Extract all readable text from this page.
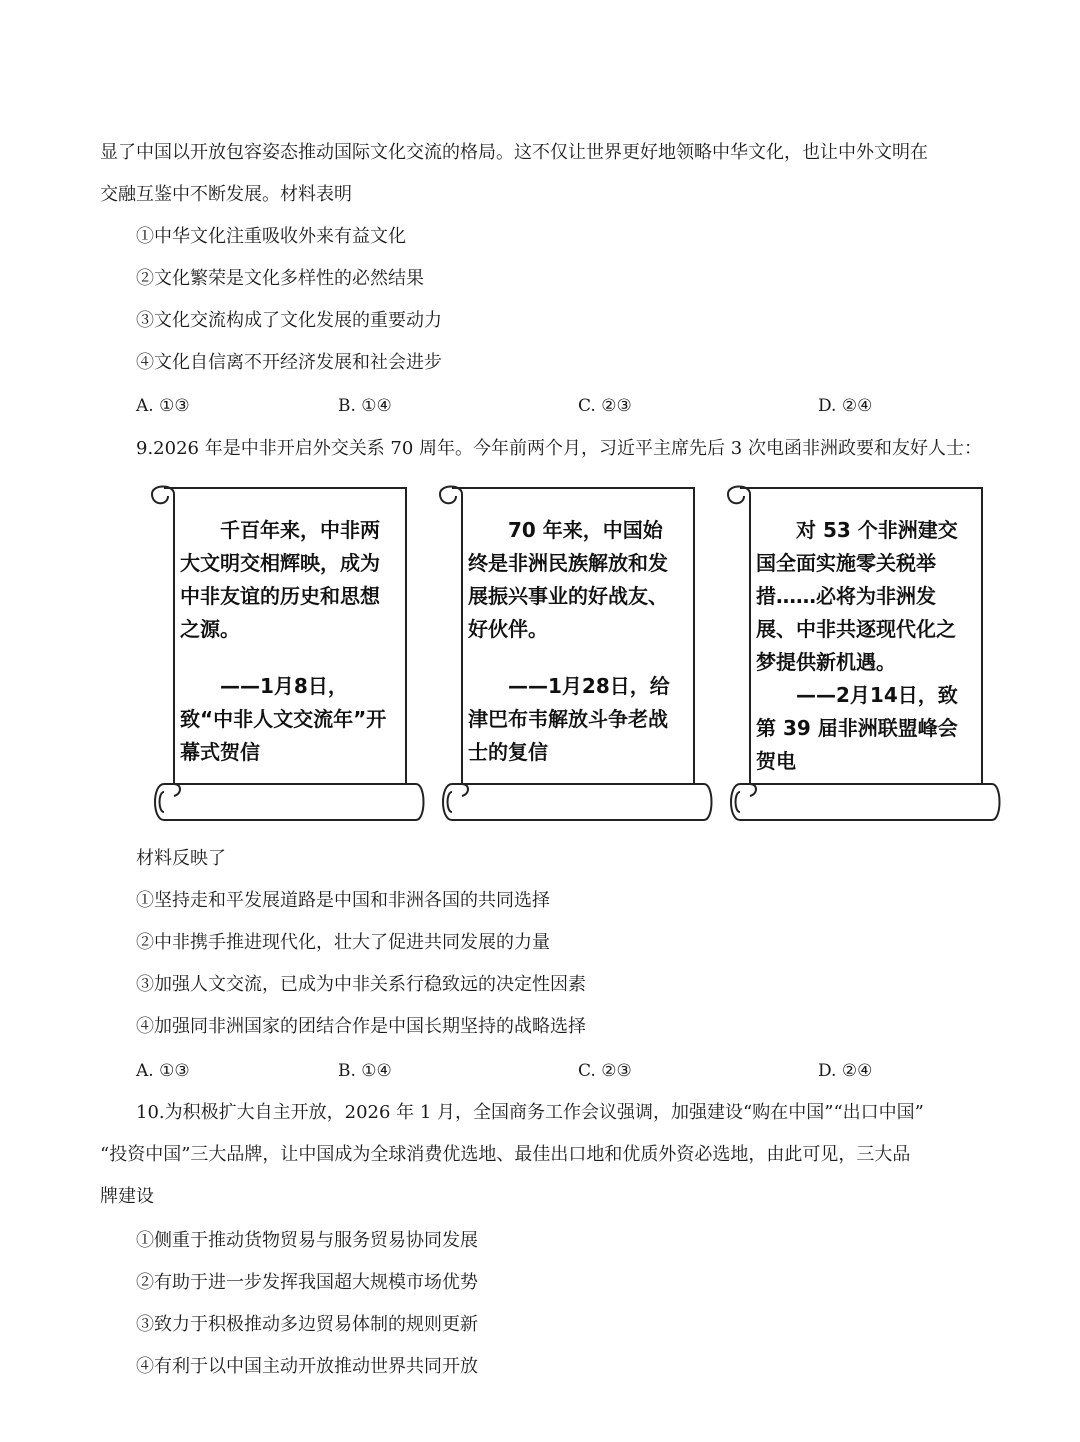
显了中国以开放包容姿态推动国际文化交流的格局。这不仅让世界更好地领略中华文化，也让中外文明在
交融互鉴中不断发展。材料表明
①中华文化注重吸收外来有益文化
②文化繁荣是文化多样性的必然结果
③文化交流构成了文化发展的重要动力
④文化自信离不开经济发展和社会进步
A. ①③	B. ①④	C. ②③	D. ②④
9.2026 年是中非开启外交关系 70 周年。今年前两个月，习近平主席先后 3 次电函非洲政要和友好人士：

千百年来，中非两大文明交相辉映，成为中非友谊的历史和思想之源。

——1月8日，致“中非人文交流年”开幕式贺信

70 年来，中国始终是非洲民族解放和发展振兴事业的好战友、好伙伴。

——1月28日，给津巴布韦解放斗争老战士的复信

对 53 个非洲建交国全面实施零关税举措……必将为非洲发展、中非共逐现代化之梦提供新机遇。

——2月14日，致第 39 届非洲联盟峰会贺电

材料反映了
①坚持走和平发展道路是中国和非洲各国的共同选择
②中非携手推进现代化，壮大了促进共同发展的力量
③加强人文交流，已成为中非关系行稳致远的决定性因素
④加强同非洲国家的团结合作是中国长期坚持的战略选择
A. ①③	B. ①④	C. ②③	D. ②④
10.为积极扩大自主开放，2026 年 1 月，全国商务工作会议强调，加强建设“购在中国”“出口中国”
“投资中国”三大品牌，让中国成为全球消费优选地、最佳出口地和优质外资必选地，由此可见，三大品
牌建设
①侧重于推动货物贸易与服务贸易协同发展
②有助于进一步发挥我国超大规模市场优势
③致力于积极推动多边贸易体制的规则更新
④有利于以中国主动开放推动世界共同开放
